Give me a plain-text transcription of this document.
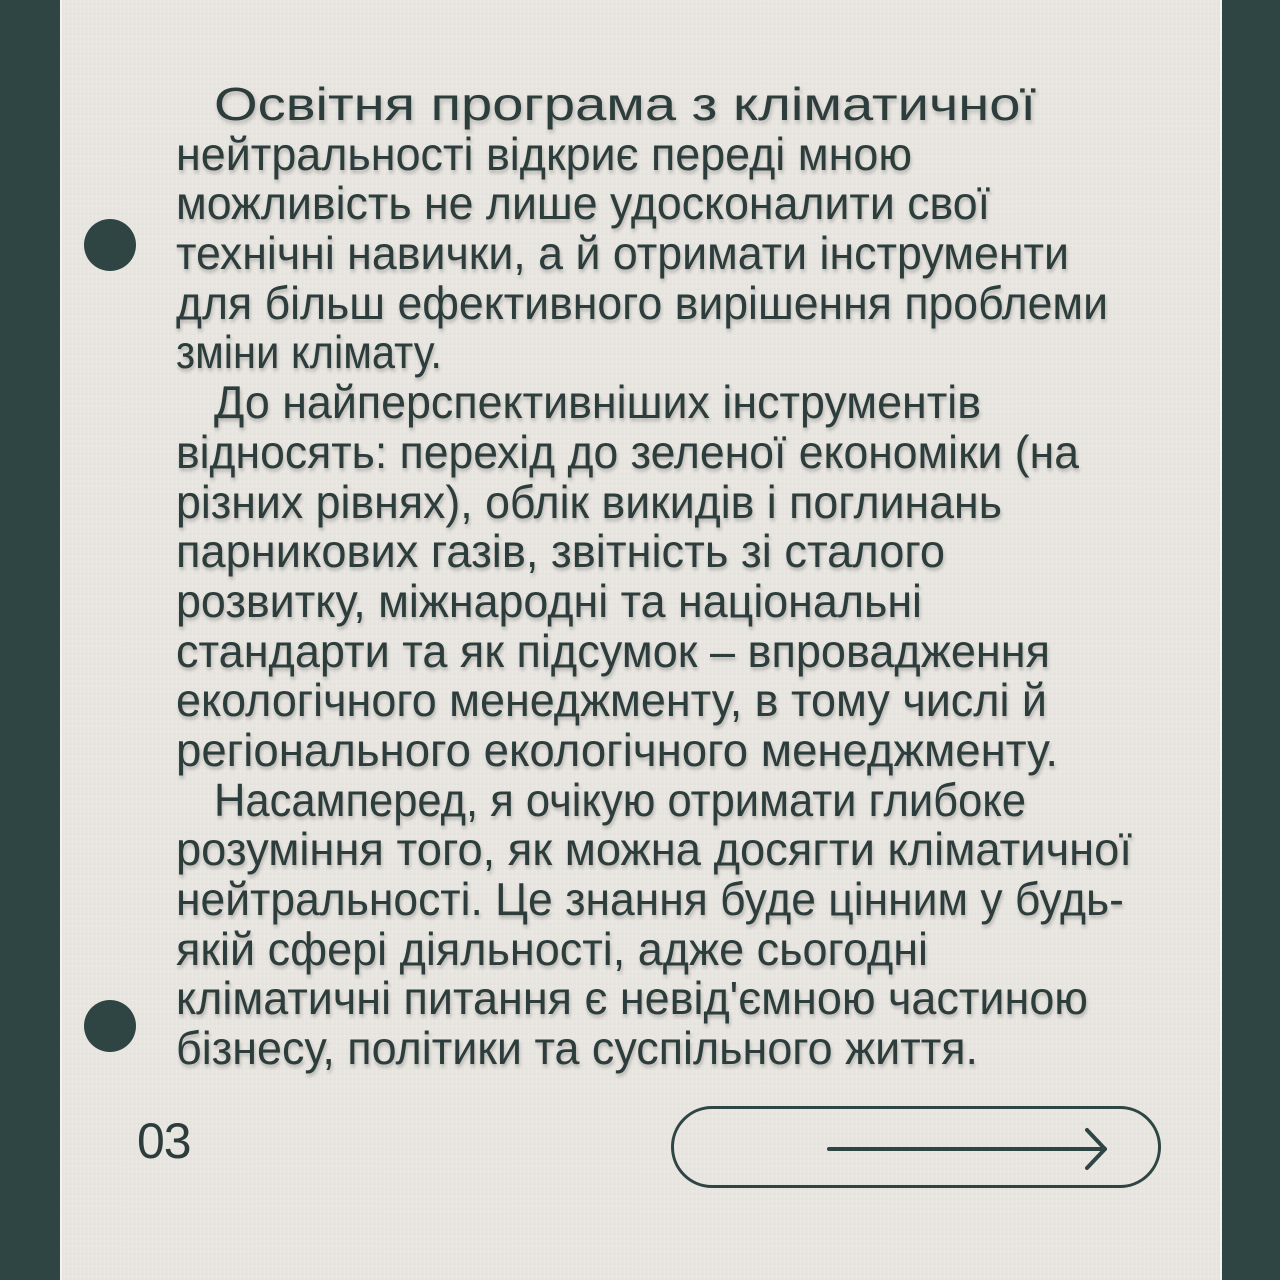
Освітня програма з кліматичної
нейтральності відкриє переді мною
можливість не лише удосконалити свої
технічні навички, а й отримати інструменти
для більш ефективного вирішення проблеми
зміни клімату.
До найперспективніших інструментів
відносять: перехід до зеленої економіки (на
різних рівнях), облік викидів і поглинань
парникових газів, звітність зі сталого
розвитку, міжнародні та національні
стандарти та як підсумок – впровадження
екологічного менеджменту, в тому числі й
регіонального екологічного менеджменту.
Насамперед, я очікую отримати глибоке
розуміння того, як можна досягти кліматичної
нейтральності. Це знання буде цінним у будь-
якій сфері діяльності, адже сьогодні
кліматичні питання є невід'ємною частиною
бізнесу, політики та суспільного життя.
03
